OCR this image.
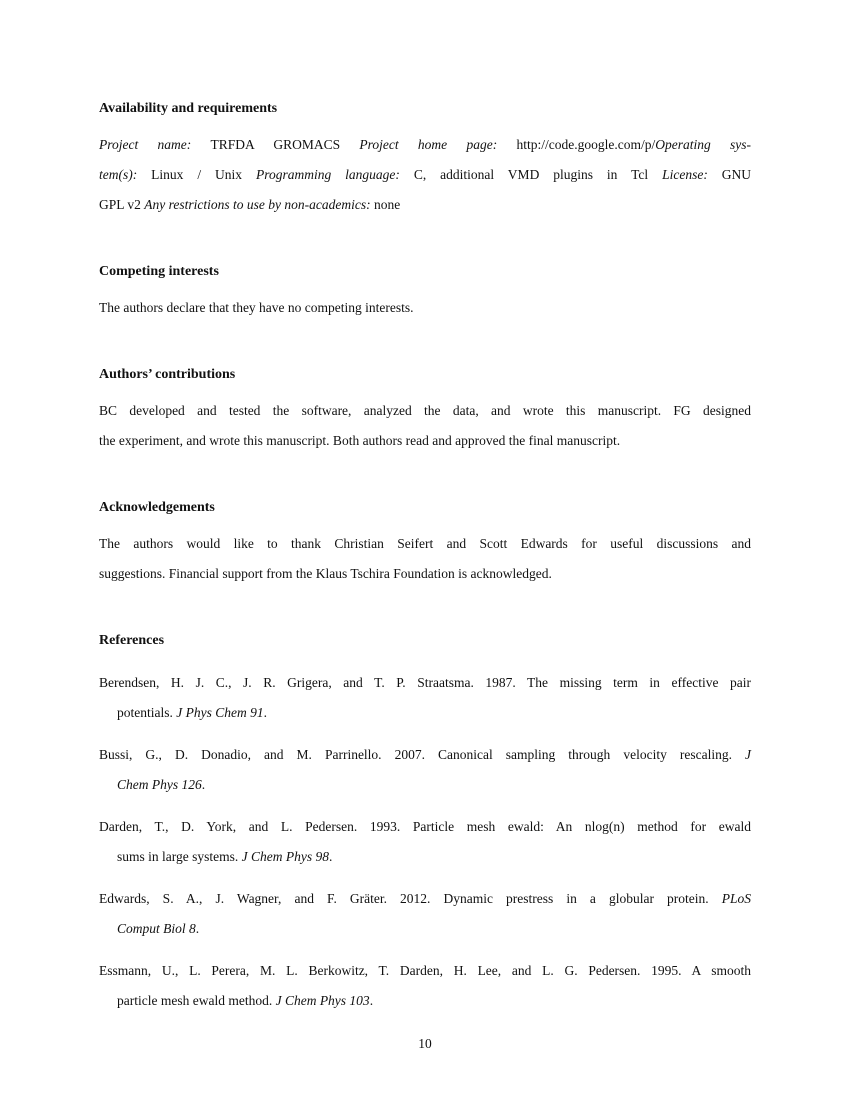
Availability and requirements
Project name: TRFDA GROMACS Project home page: http://code.google.com/p/Operating sys-
tem(s): Linux / Unix Programming language: C, additional VMD plugins in Tcl License: GNU
GPL v2 Any restrictions to use by non-academics: none
Competing interests
The authors declare that they have no competing interests.
Authors’ contributions
BC developed and tested the software, analyzed the data, and wrote this manuscript. FG designed
the experiment, and wrote this manuscript. Both authors read and approved the final manuscript.
Acknowledgements
The authors would like to thank Christian Seifert and Scott Edwards for useful discussions and
suggestions. Financial support from the Klaus Tschira Foundation is acknowledged.
References
Berendsen, H. J. C., J. R. Grigera, and T. P. Straatsma. 1987. The missing term in effective pair
potentials. J Phys Chem 91.
Bussi, G., D. Donadio, and M. Parrinello. 2007. Canonical sampling through velocity rescaling. J
Chem Phys 126.
Darden, T., D. York, and L. Pedersen. 1993. Particle mesh ewald: An nlog(n) method for ewald
sums in large systems. J Chem Phys 98.
Edwards, S. A., J. Wagner, and F. Gräter. 2012. Dynamic prestress in a globular protein. PLoS
Comput Biol 8.
Essmann, U., L. Perera, M. L. Berkowitz, T. Darden, H. Lee, and L. G. Pedersen. 1995. A smooth
particle mesh ewald method. J Chem Phys 103.
10
